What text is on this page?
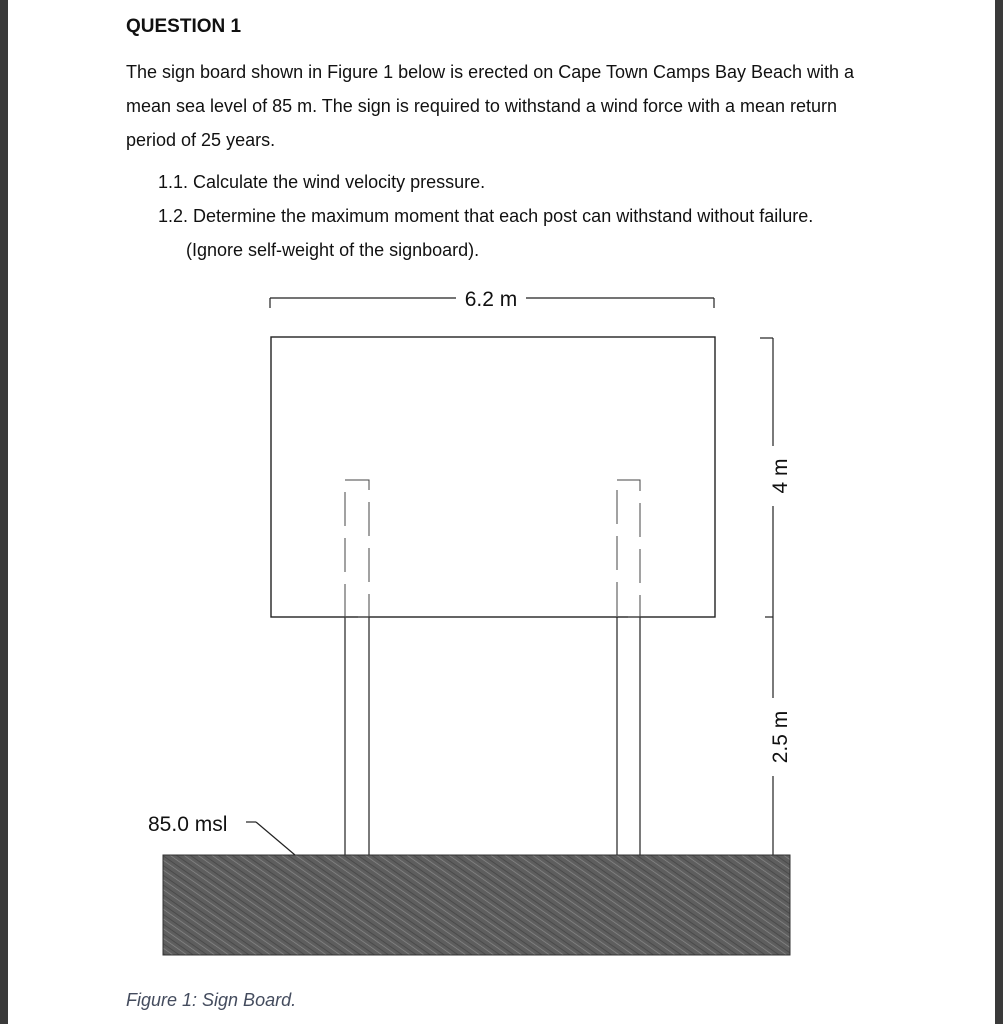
QUESTION 1

The sign board shown in Figure 1 below is erected on Cape Town Camps Bay Beach with a mean sea level of 85 m. The sign is required to withstand a wind force with a mean return period of 25 years.

1.1. Calculate the wind velocity pressure.

1.2. Determine the maximum moment that each post can withstand without failure.

(Ignore self-weight of the signboard).

6.2 m
4 m
2.5 m
85.0 msl

Figure 1: Sign Board.
